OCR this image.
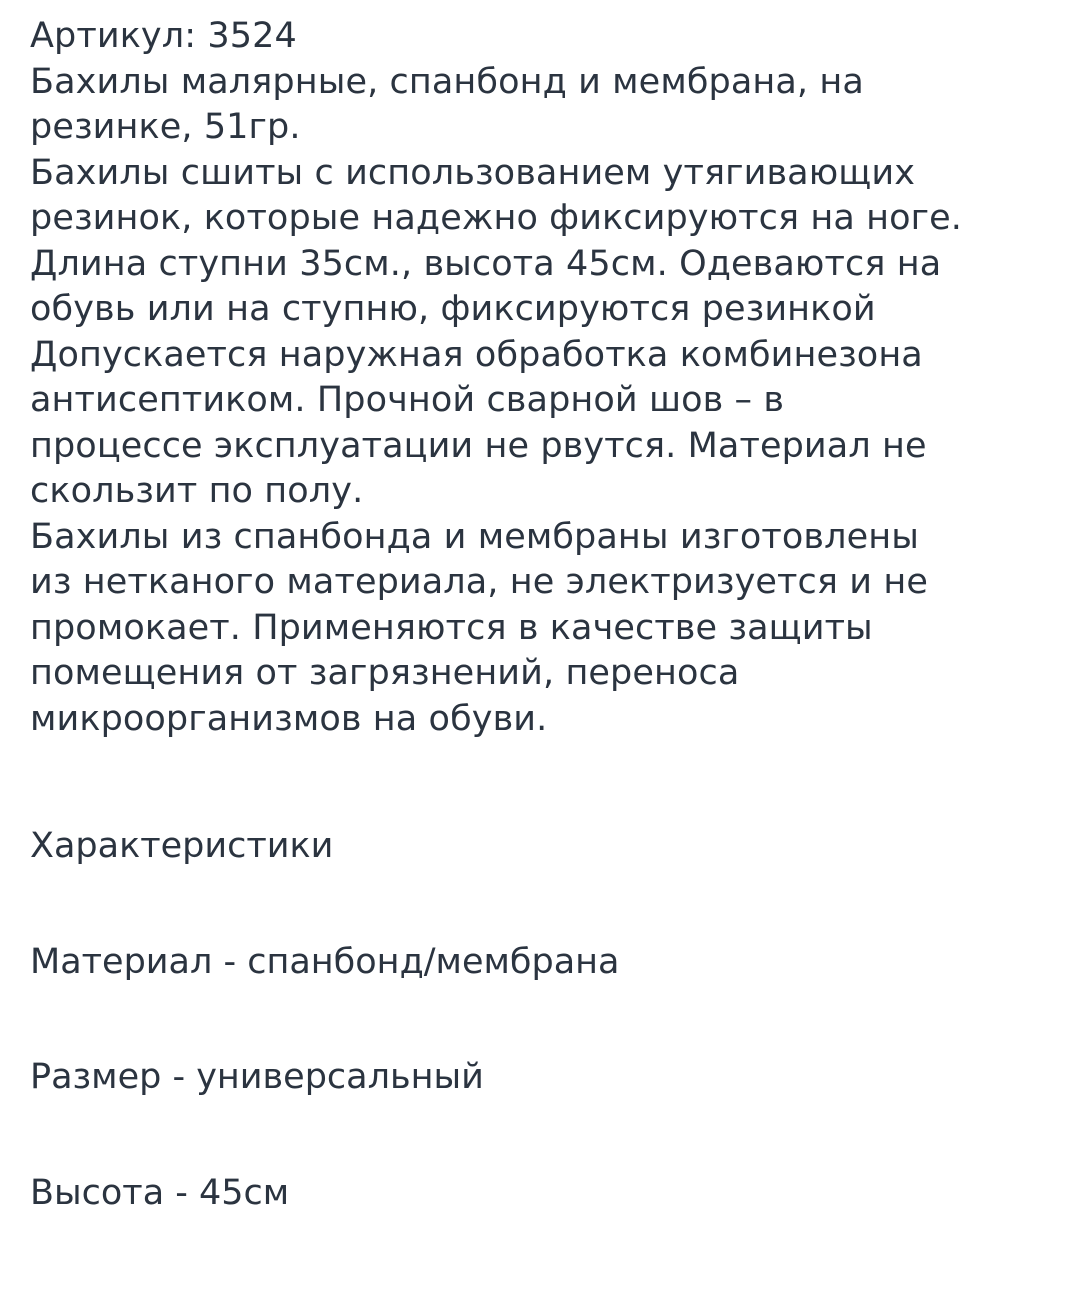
Артикул: 3524
Бахилы малярные, спанбонд и мембрана, на
резинке, 51гр.
Бахилы сшиты с использованием утягивающих
резинок, которые надежно фиксируются на ноге.
Длина ступни 35см., высота 45см. Одеваются на
обувь или на ступню, фиксируются резинкой
Допускается наружная обработка комбинезона
антисептиком. Прочной сварной шов – в
процессе эксплуатации не рвутся. Материал не
скользит по полу.
Бахилы из спанбонда и мембраны изготовлены
из нетканого материала, не электризуется и не
промокает. Применяются в качестве защиты
помещения от загрязнений, переноса
микроорганизмов на обуви.
Характеристики
Материал - спанбонд/мембрана
Размер - универсальный
Высота - 45см
